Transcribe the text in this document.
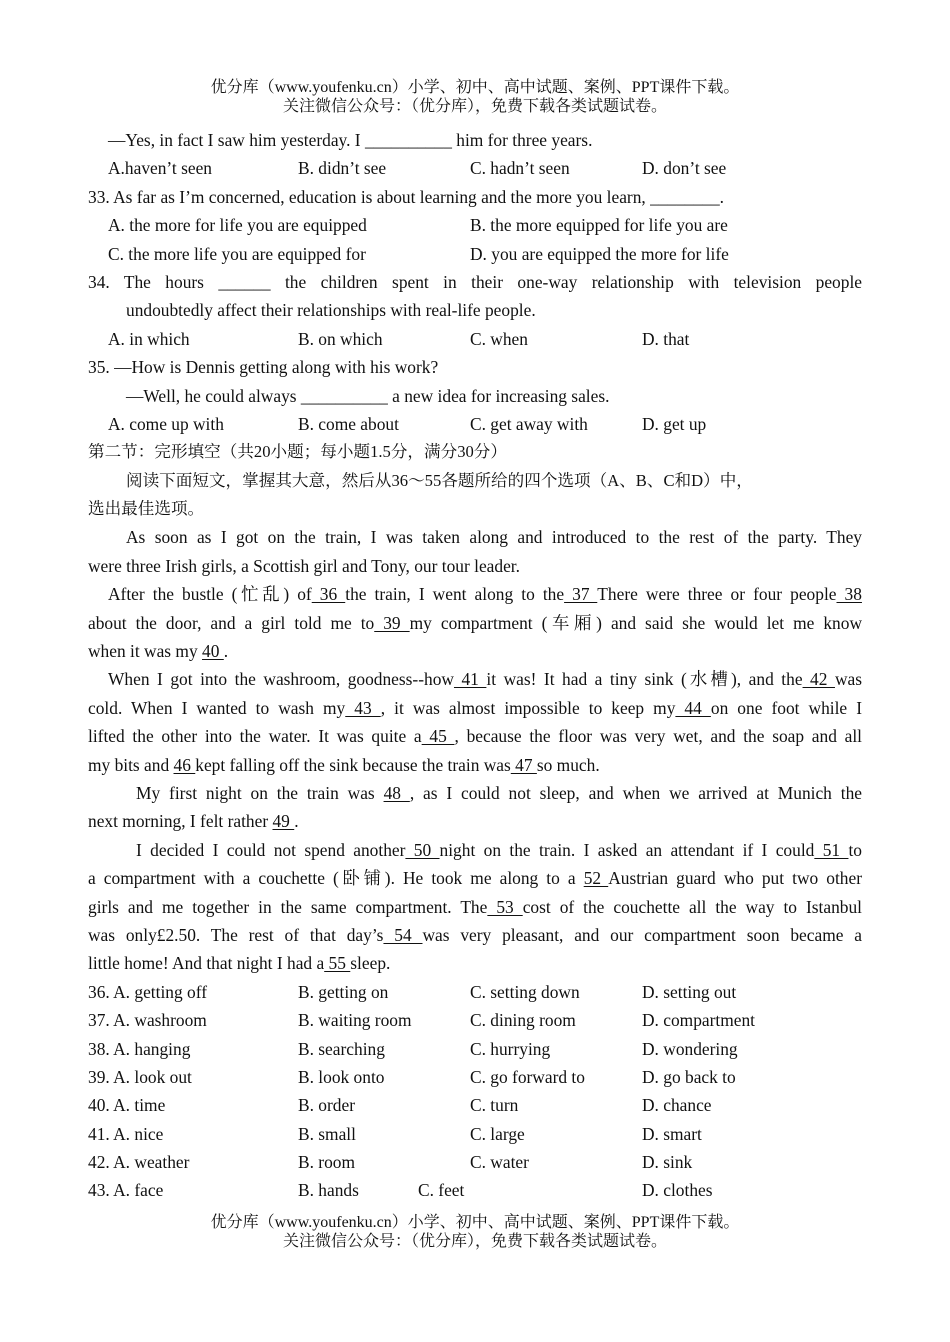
优分库（www.youfenku.cn）小学、初中、高中试题、案例、PPT课件下载。
关注微信公众号：（优分库），免费下载各类试题试卷。
—Yes, in fact I saw him yesterday. I __________ him for three years.
A.haven’t seen	B. didn’t see	C. hadn’t seen	D. don’t see
33. As far as I’m concerned, education is about learning and the more you learn, ________.
A. the more for life you are equipped	B. the more equipped for life you are
C. the more life you are equipped for	D. you are equipped the more for life
34. The hours ______ the children spent in their one-way relationship with television people
undoubtedly affect their relationships with real-life people.
A. in which	B. on which	C. when	D. that
35. —How is Dennis getting along with his work?
—Well, he could always __________ a new idea for increasing sales.
A. come up with	B. come about	C. get away with	D. get up
第二节：完形填空（共20小题；每小题1.5分，满分30分）
阅读下面短文，掌握其大意，然后从36～55各题所给的四个选项（A、B、C和D）中，
选出最佳选项。
As soon as I got on the train, I was taken along and introduced to the rest of the party. They
were three Irish girls, a Scottish girl and Tony, our tour leader.
After the bustle (忙乱) of 36 the train, I went along to the 37 There were three or four people 38
about the door, and a girl told me to 39 my compartment (车厢) and said she would let me know
when it was my 40 .
When I got into the washroom, goodness--how 41 it was! It had a tiny sink (水槽), and the 42 was
cold. When I wanted to wash my 43 , it was almost impossible to keep my 44 on one foot while I
lifted the other into the water. It was quite a 45 , because the floor was very wet, and the soap and all
my bits and 46 kept falling off the sink because the train was 47 so much.
My first night on the train was 48 , as I could not sleep, and when we arrived at Munich the
next morning, I felt rather 49 .
I decided I could not spend another 50 night on the train. I asked an attendant if I could 51 to
a compartment with a couchette (卧铺). He took me along to a 52 Austrian guard who put two other
girls and me together in the same compartment. The 53 cost of the couchette all the way to Istanbul
was only£2.50. The rest of that day’s 54 was very pleasant, and our compartment soon became a
little home! And that night I had a 55 sleep.
36. A. getting off	B. getting on	C. setting down	D. setting out
37. A. washroom	B. waiting room	C. dining room	D. compartment
38. A. hanging	B. searching	C. hurrying	D. wondering
39. A. look out	B. look onto	C. go forward to	D. go back to
40. A. time	B. order	C. turn	D. chance
41. A. nice	B. small	C. large	D. smart
42. A. weather	B. room	C. water	D. sink
43. A. face	B. hands	C. feet	D. clothes
优分库（www.youfenku.cn）小学、初中、高中试题、案例、PPT课件下载。
关注微信公众号：（优分库），免费下载各类试题试卷。
